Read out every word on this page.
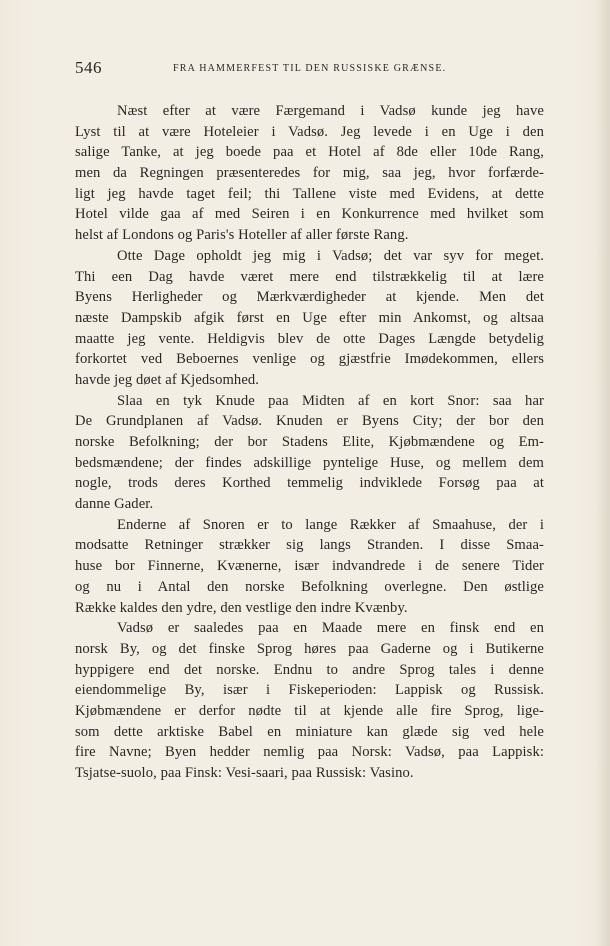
546	FRA HAMMERFEST TIL DEN RUSSISKE GRÆNSE.
Næst efter at være Færgemand i Vadsø kunde jeg have
Lyst til at være Hoteleier i Vadsø. Jeg levede i en Uge i den
salige Tanke, at jeg boede paa et Hotel af 8de eller 10de Rang,
men da Regningen præsenteredes for mig, saa jeg, hvor forfærde-
ligt jeg havde taget feil; thi Tallene viste med Evidens, at dette
Hotel vilde gaa af med Seiren i en Konkurrence med hvilket som
helst af Londons og Paris's Hoteller af aller første Rang.
Otte Dage opholdt jeg mig i Vadsø; det var syv for meget.
Thi een Dag havde været mere end tilstrækkelig til at lære
Byens Herligheder og Mærkværdigheder at kjende. Men det
næste Dampskib afgik først en Uge efter min Ankomst, og altsaa
maatte jeg vente. Heldigvis blev de otte Dages Længde betydelig
forkortet ved Beboernes venlige og gjæstfrie Imødekommen, ellers
havde jeg døet af Kjedsomhed.
Slaa en tyk Knude paa Midten af en kort Snor: saa har
De Grundplanen af Vadsø. Knuden er Byens City; der bor den
norske Befolkning; der bor Stadens Elite, Kjøbmændene og Em-
bedsmændene; der findes adskillige pyntelige Huse, og mellem dem
nogle, trods deres Korthed temmelig indviklede Forsøg paa at
danne Gader.
Enderne af Snoren er to lange Rækker af Smaahuse, der i
modsatte Retninger strækker sig langs Stranden. I disse Smaa-
huse bor Finnerne, Kvænerne, især indvandrede i de senere Tider
og nu i Antal den norske Befolkning overlegne. Den østlige
Række kaldes den ydre, den vestlige den indre Kvænby.
Vadsø er saaledes paa en Maade mere en finsk end en
norsk By, og det finske Sprog høres paa Gaderne og i Butikerne
hyppigere end det norske. Endnu to andre Sprog tales i denne
eiendommelige By, især i Fiskeperioden: Lappisk og Russisk.
Kjøbmændene er derfor nødte til at kjende alle fire Sprog, lige-
som dette arktiske Babel en miniature kan glæde sig ved hele
fire Navne; Byen hedder nemlig paa Norsk: Vadsø, paa Lappisk:
Tsjatse-suolo, paa Finsk: Vesi-saari, paa Russisk: Vasino.
